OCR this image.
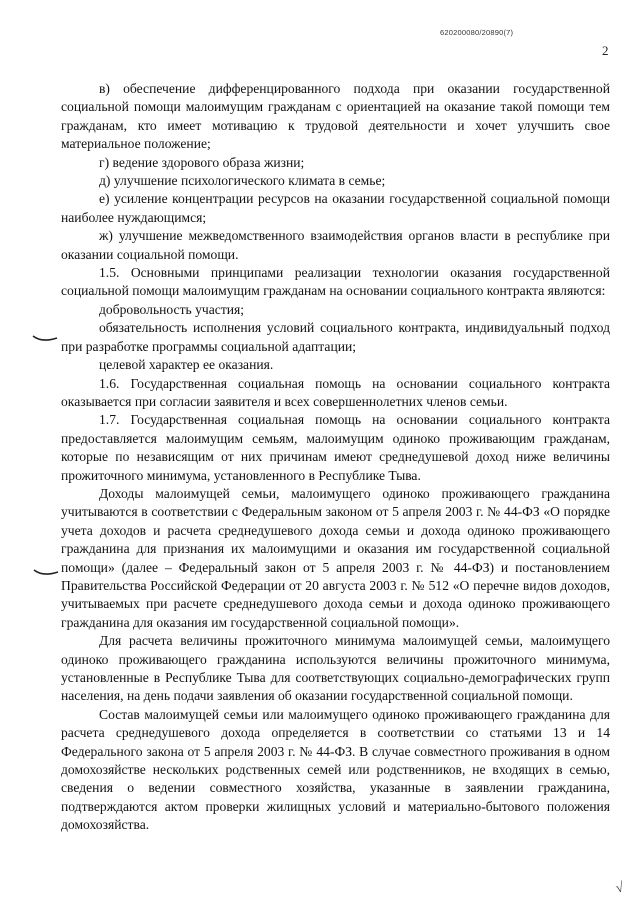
620200080/20890(7)
2

в) обеспечение дифференцированного подхода при оказании государственной социальной помощи малоимущим гражданам с ориентацией на оказание такой помощи тем гражданам, кто имеет мотивацию к трудовой деятельности и хочет улучшить свое материальное положение;

г) ведение здорового образа жизни;

д) улучшение психологического климата в семье;

е) усиление концентрации ресурсов на оказании государственной социальной помощи наиболее нуждающимся;

ж) улучшение межведомственного взаимодействия органов власти в республике при оказании социальной помощи.

1.5. Основными принципами реализации технологии оказания государственной социальной помощи малоимущим гражданам на основании социального контракта являются:

добровольность участия;

обязательность исполнения условий социального контракта, индивидуальный подход при разработке программы социальной адаптации;

целевой характер ее оказания.

1.6. Государственная социальная помощь на основании социального контракта оказывается при согласии заявителя и всех совершеннолетних членов семьи.

1.7. Государственная социальная помощь на основании социального контракта предоставляется малоимущим семьям, малоимущим одиноко проживающим гражданам, которые по независящим от них причинам имеют среднедушевой доход ниже величины прожиточного минимума, установленного в Республике Тыва.

Доходы малоимущей семьи, малоимущего одиноко проживающего гражданина учитываются в соответствии с Федеральным законом от 5 апреля 2003 г. № 44-ФЗ «О порядке учета доходов и расчета среднедушевого дохода семьи и дохода одиноко проживающего гражданина для признания их малоимущими и оказания им государственной социальной помощи» (далее – Федеральный закон от 5 апреля 2003 г. № 44-ФЗ) и постановлением Правительства Российской Федерации от 20 августа 2003 г. № 512 «О перечне видов доходов, учитываемых при расчете среднедушевого дохода семьи и дохода одиноко проживающего гражданина для оказания им государственной социальной помощи».

Для расчета величины прожиточного минимума малоимущей семьи, малоимущего одиноко проживающего гражданина используются величины прожиточного минимума, установленные в Республике Тыва для соответствующих социально-демографических групп населения, на день подачи заявления об оказании государственной социальной помощи.

Состав малоимущей семьи или малоимущего одиноко проживающего гражданина для расчета среднедушевого дохода определяется в соответствии со статьями 13 и 14 Федерального закона от 5 апреля 2003 г. № 44-ФЗ. В случае совместного проживания в одном домохозяйстве нескольких родственных семей или родственников, не входящих в семью, сведения о ведении совместного хозяйства, указанные в заявлении гражданина, подтверждаются актом проверки жилищных условий и материально-бытового положения домохозяйства.

√
